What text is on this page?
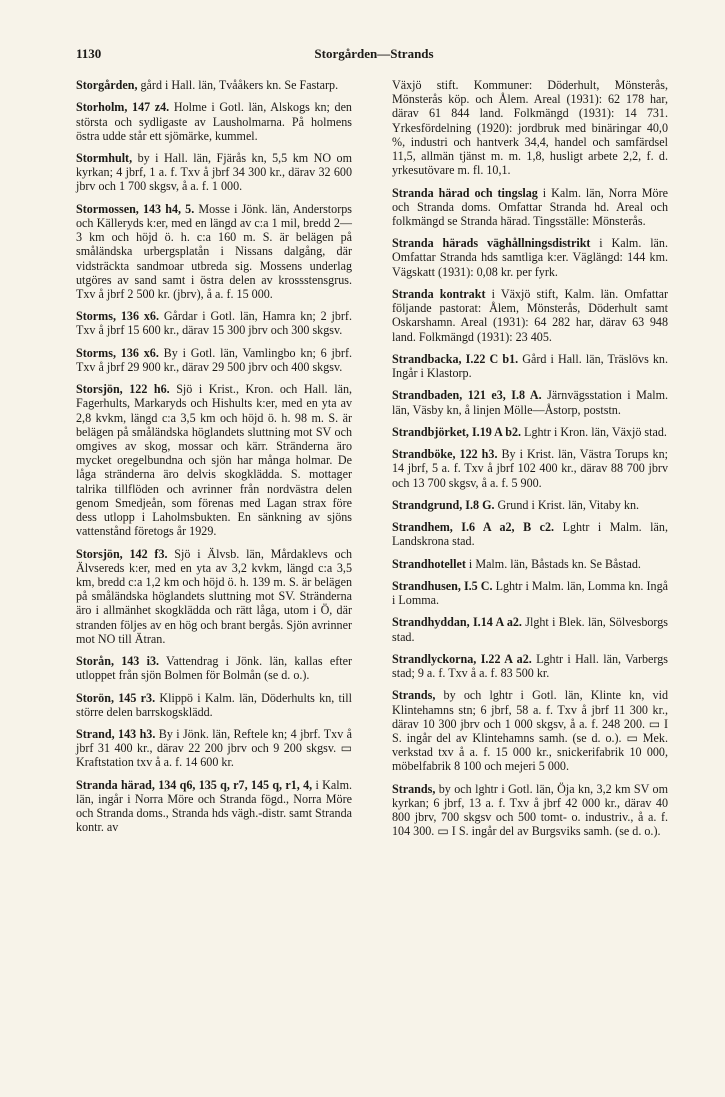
1130	Storgården—Strands

Storgården, gård i Hall. län, Tvååkers kn. Se Fastarp.

Storholm, 147 z4. Holme i Gotl. län, Alskogs kn; den största och sydligaste av Lausholmarna. På holmens östra udde står ett sjömärke, kummel.

Stormhult, by i Hall. län, Fjärås kn, 5,5 km NO om kyrkan; 4 jbrf, 1 a. f. Txv å jbrf 34 300 kr., därav 32 600 jbrv och 1 700 skgsv, å a. f. 1 000.

Stormossen, 143 h4, 5. Mosse i Jönk. län, Anderstorps och Källeryds k:er, med en längd av c:a 1 mil, bredd 2—3 km och höjd ö. h. c:a 160 m. S. är belägen på småländska urbergsplatån i Nissans dalgång, där vidsträckta sandmoar utbreda sig. Mossens underlag utgöres av sand samt i östra delen av krossstensgrus. Txv å jbrf 2 500 kr. (jbrv), å a. f. 15 000.

Storms, 136 x6. Gårdar i Gotl. län, Hamra kn; 2 jbrf. Txv å jbrf 15 600 kr., därav 15 300 jbrv och 300 skgsv.

Storms, 136 x6. By i Gotl. län, Vamlingbo kn; 6 jbrf. Txv å jbrf 29 900 kr., därav 29 500 jbrv och 400 skgsv.

Storsjön, 122 h6. Sjö i Krist., Kron. och Hall. län, Fagerhults, Markaryds och Hishults k:er, med en yta av 2,8 kvkm, längd c:a 3,5 km och höjd ö. h. 98 m. S. är belägen på småländska höglandets sluttning mot SV och omgives av skog, mossar och kärr. Stränderna äro mycket oregelbundna och sjön har många holmar. De låga stränderna äro delvis skogklädda. S. mottager talrika tillflöden och avrinner från nordvästra delen genom Smedjeån, som förenas med Lagan strax före dess utlopp i Laholmsbukten. En sänkning av sjöns vattenstånd företogs år 1929.

Storsjön, 142 f3. Sjö i Älvsb. län, Mårdaklevs och Älvsereds k:er, med en yta av 3,2 kvkm, längd c:a 3,5 km, bredd c:a 1,2 km och höjd ö. h. 139 m. S. är belägen på småländska höglandets sluttning mot SV. Stränderna äro i allmänhet skogklädda och rätt låga, utom i Ö, där stranden följes av en hög och brant bergås. Sjön avrinner mot NO till Ätran.

Storån, 143 i3. Vattendrag i Jönk. län, kallas efter utloppet från sjön Bolmen för Bolmån (se d. o.).

Storön, 145 r3. Klippö i Kalm. län, Döderhults kn, till större delen barrskogsklädd.

Strand, 143 h3. By i Jönk. län, Reftele kn; 4 jbrf. Txv å jbrf 31 400 kr., därav 22 200 jbrv och 9 200 skgsv. ▭ Kraftstation txv å a. f. 14 600 kr.

Stranda härad, 134 q6, 135 q, r7, 145 q, r1, 4, i Kalm. län, ingår i Norra Möre och Stranda fögd., Norra Möre och Stranda doms., Stranda hds vägh.-distr. samt Stranda kontr. av

Växjö stift. Kommuner: Döderhult, Mönsterås, Mönsterås köp. och Ålem. Areal (1931): 62 178 har, därav 61 844 land. Folkmängd (1931): 14 731. Yrkesfördelning (1920): jordbruk med binäringar 40,0 %, industri och hantverk 34,4, handel och samfärdsel 11,5, allmän tjänst m. m. 1,8, husligt arbete 2,2, f. d. yrkesutövare m. fl. 10,1.

Stranda härad och tingslag i Kalm. län, Norra Möre och Stranda doms. Omfattar Stranda hd. Areal och folkmängd se Stranda härad. Tingsställe: Mönsterås.

Stranda härads väghållningsdistrikt i Kalm. län. Omfattar Stranda hds samtliga k:er. Väglängd: 144 km. Vägskatt (1931): 0,08 kr. per fyrk.

Stranda kontrakt i Växjö stift, Kalm. län. Omfattar följande pastorat: Ålem, Mönsterås, Döderhult samt Oskarshamn. Areal (1931): 64 282 har, därav 63 948 land. Folkmängd (1931): 23 405.

Strandbacka, I.22 C b1. Gård i Hall. län, Träslövs kn. Ingår i Klastorp.

Strandbaden, 121 e3, I.8 A. Järnvägsstation i Malm. län, Väsby kn, å linjen Mölle—Åstorp, poststn.

Strandbjörket, I.19 A b2. Lghtr i Kron. län, Växjö stad.

Strandböke, 122 h3. By i Krist. län, Västra Torups kn; 14 jbrf, 5 a. f. Txv å jbrf 102 400 kr., därav 88 700 jbrv och 13 700 skgsv, å a. f. 5 900.

Strandgrund, I.8 G. Grund i Krist. län, Vitaby kn.

Strandhem, I.6 A a2, B c2. Lghtr i Malm. län, Landskrona stad.

Strandhotellet i Malm. län, Båstads kn. Se Båstad.

Strandhusen, I.5 C. Lghtr i Malm. län, Lomma kn. Ingå i Lomma.

Strandhyddan, I.14 A a2. Jlght i Blek. län, Sölvesborgs stad.

Strandlyckorna, I.22 A a2. Lghtr i Hall. län, Varbergs stad; 9 a. f. Txv å a. f. 83 500 kr.

Strands, by och lghtr i Gotl. län, Klinte kn, vid Klintehamns stn; 6 jbrf, 58 a. f. Txv å jbrf 11 300 kr., därav 10 300 jbrv och 1 000 skgsv, å a. f. 248 200. ▭ I S. ingår del av Klintehamns samh. (se d. o.). ▭ Mek. verkstad txv å a. f. 15 000 kr., snickerifabrik 10 000, möbelfabrik 8 100 och mejeri 5 000.

Strands, by och lghtr i Gotl. län, Öja kn, 3,2 km SV om kyrkan; 6 jbrf, 13 a. f. Txv å jbrf 42 000 kr., därav 40 800 jbrv, 700 skgsv och 500 tomt- o. industriv., å a. f. 104 300. ▭ I S. ingår del av Burgsviks samh. (se d. o.).
